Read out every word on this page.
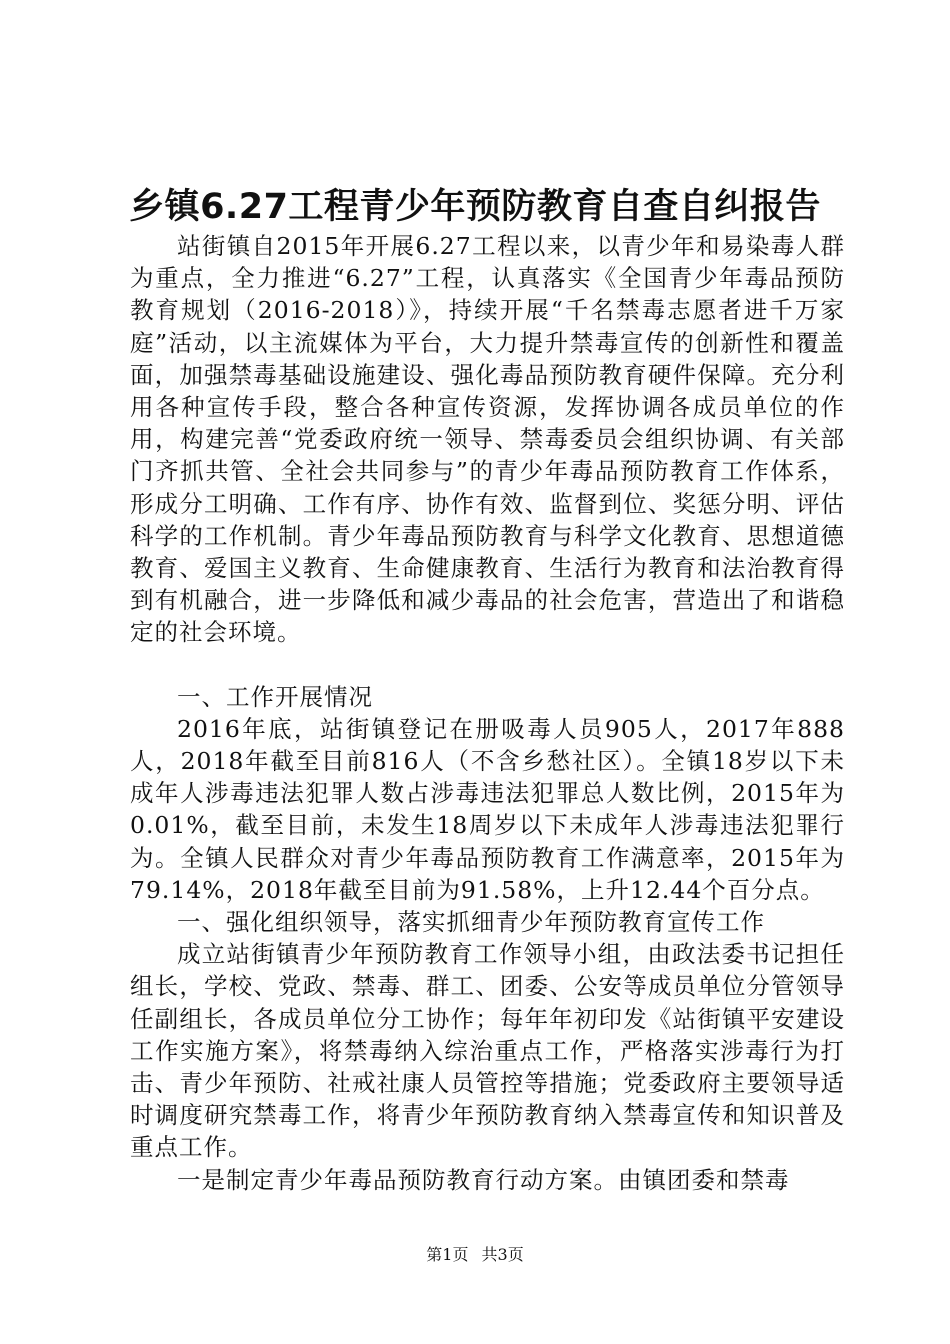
乡镇6.27工程青少年预防教育自查自纠报告

站街镇自2015年开展6.27工程以来，以青少年和易染毒人群为重点，全力推进“6.27”工程，认真落实《全国青少年毒品预防教育规划（2016-2018）》，持续开展“千名禁毒志愿者进千万家庭”活动，以主流媒体为平台，大力提升禁毒宣传的创新性和覆盖面，加强禁毒基础设施建设、强化毒品预防教育硬件保障。充分利用各种宣传手段，整合各种宣传资源，发挥协调各成员单位的作用，构建完善“党委政府统一领导、禁毒委员会组织协调、有关部门齐抓共管、全社会共同参与”的青少年毒品预防教育工作体系，形成分工明确、工作有序、协作有效、监督到位、奖惩分明、评估科学的工作机制。青少年毒品预防教育与科学文化教育、思想道德教育、爱国主义教育、生命健康教育、生活行为教育和法治教育得到有机融合，进一步降低和减少毒品的社会危害，营造出了和谐稳定的社会环境。

一、工作开展情况

2016年底，站街镇登记在册吸毒人员905人，2017年888人，2018年截至目前816人（不含乡愁社区）。全镇18岁以下未成年人涉毒违法犯罪人数占涉毒违法犯罪总人数比例，2015年为0.01%，截至目前，未发生18周岁以下未成年人涉毒违法犯罪行为。全镇人民群众对青少年毒品预防教育工作满意率，2015年为79.14%，2018年截至目前为91.58%，上升12.44个百分点。

一、强化组织领导，落实抓细青少年预防教育宣传工作

成立站街镇青少年预防教育工作领导小组，由政法委书记担任组长，学校、党政、禁毒、群工、团委、公安等成员单位分管领导任副组长，各成员单位分工协作；每年年初印发《站街镇平安建设工作实施方案》，将禁毒纳入综治重点工作，严格落实涉毒行为打击、青少年预防、社戒社康人员管控等措施；党委政府主要领导适时调度研究禁毒工作，将青少年预防教育纳入禁毒宣传和知识普及重点工作。

一是制定青少年毒品预防教育行动方案。由镇团委和禁毒

第1页 共3页
